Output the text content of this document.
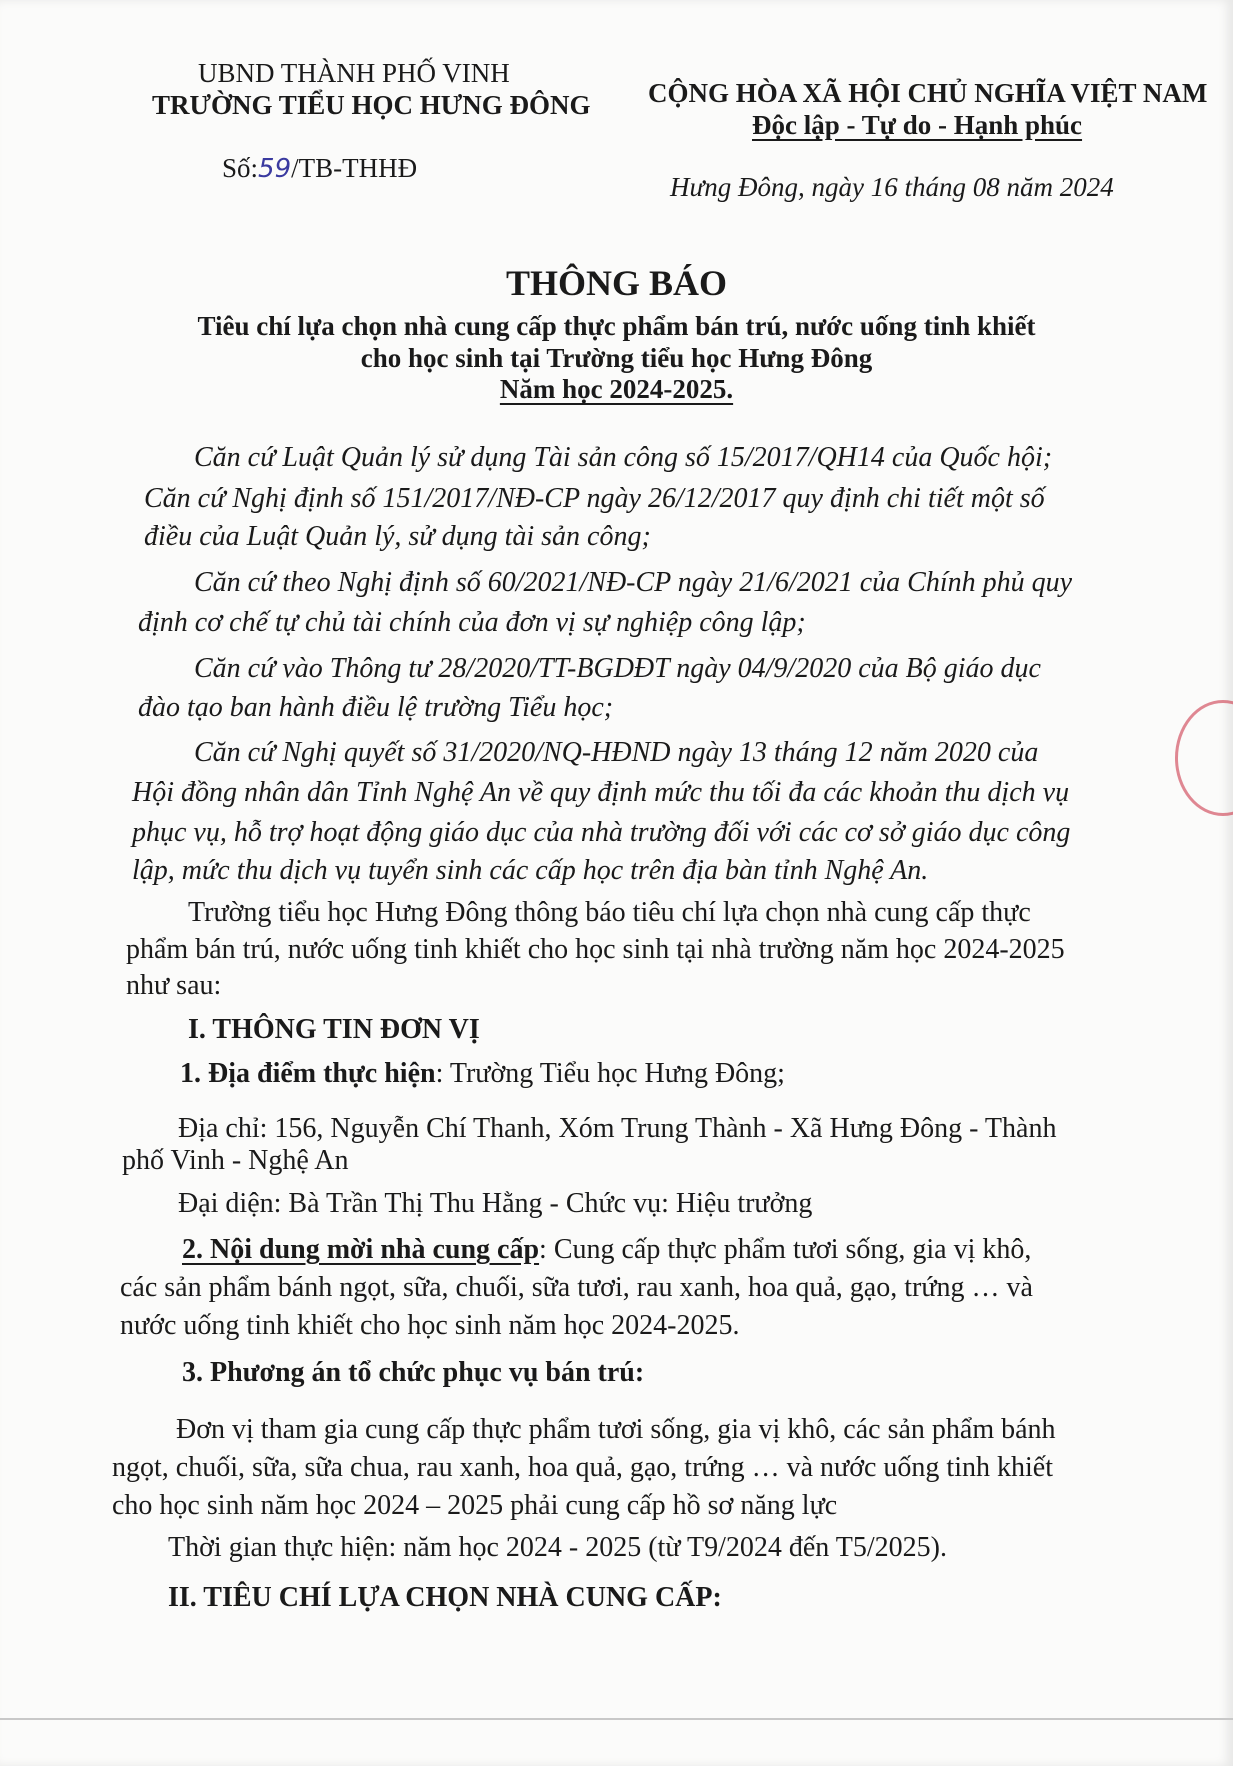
UBND THÀNH PHỐ VINH
TRƯỜNG TIỂU HỌC HƯNG ĐÔNG
Số:59/TB-THHĐ
CỘNG HÒA XÃ HỘI CHỦ NGHĨA VIỆT NAM
Độc lập - Tự do - Hạnh phúc
Hưng Đông, ngày 16 tháng 08 năm 2024
THÔNG BÁO
Tiêu chí lựa chọn nhà cung cấp thực phẩm bán trú, nước uống tinh khiết
cho học sinh tại Trường tiểu học Hưng Đông
Năm học 2024-2025.
Căn cứ Luật Quản lý sử dụng Tài sản công số 15/2017/QH14 của Quốc hội;
Căn cứ Nghị định số 151/2017/NĐ-CP ngày 26/12/2017 quy định chi tiết một số
điều của Luật Quản lý, sử dụng tài sản công;
Căn cứ theo Nghị định số 60/2021/NĐ-CP ngày 21/6/2021 của Chính phủ quy
định cơ chế tự chủ tài chính của đơn vị sự nghiệp công lập;
Căn cứ vào Thông tư 28/2020/TT-BGDĐT ngày 04/9/2020 của Bộ giáo dục
đào tạo ban hành điều lệ trường Tiểu học;
Căn cứ Nghị quyết số 31/2020/NQ-HĐND ngày 13 tháng 12 năm 2020 của
Hội đồng nhân dân Tỉnh Nghệ An về quy định mức thu tối đa các khoản thu dịch vụ
phục vụ, hỗ trợ hoạt động giáo dục của nhà trường đối với các cơ sở giáo dục công
lập, mức thu dịch vụ tuyển sinh các cấp học trên địa bàn tỉnh Nghệ An.
Trường tiểu học Hưng Đông thông báo tiêu chí lựa chọn nhà cung cấp thực
phẩm bán trú, nước uống tinh khiết cho học sinh tại nhà trường năm học 2024-2025
như sau:
I. THÔNG TIN ĐƠN VỊ
1. Địa điểm thực hiện: Trường Tiểu học Hưng Đông;
Địa chỉ: 156, Nguyễn Chí Thanh, Xóm Trung Thành - Xã Hưng Đông - Thành
phố Vinh - Nghệ An
Đại diện: Bà Trần Thị Thu Hằng - Chức vụ: Hiệu trưởng
2. Nội dung mời nhà cung cấp: Cung cấp thực phẩm tươi sống, gia vị khô,
các sản phẩm bánh ngọt, sữa, chuối, sữa tươi, rau xanh, hoa quả, gạo, trứng … và
nước uống tinh khiết cho học sinh năm học 2024-2025.
3. Phương án tổ chức phục vụ bán trú:
Đơn vị tham gia cung cấp thực phẩm tươi sống, gia vị khô, các sản phẩm bánh
ngọt, chuối, sữa, sữa chua, rau xanh, hoa quả, gạo, trứng … và nước uống tinh khiết
cho học sinh năm học 2024 – 2025 phải cung cấp hồ sơ năng lực
Thời gian thực hiện: năm học 2024 - 2025 (từ T9/2024 đến T5/2025).
II. TIÊU CHÍ LỰA CHỌN NHÀ CUNG CẤP:
